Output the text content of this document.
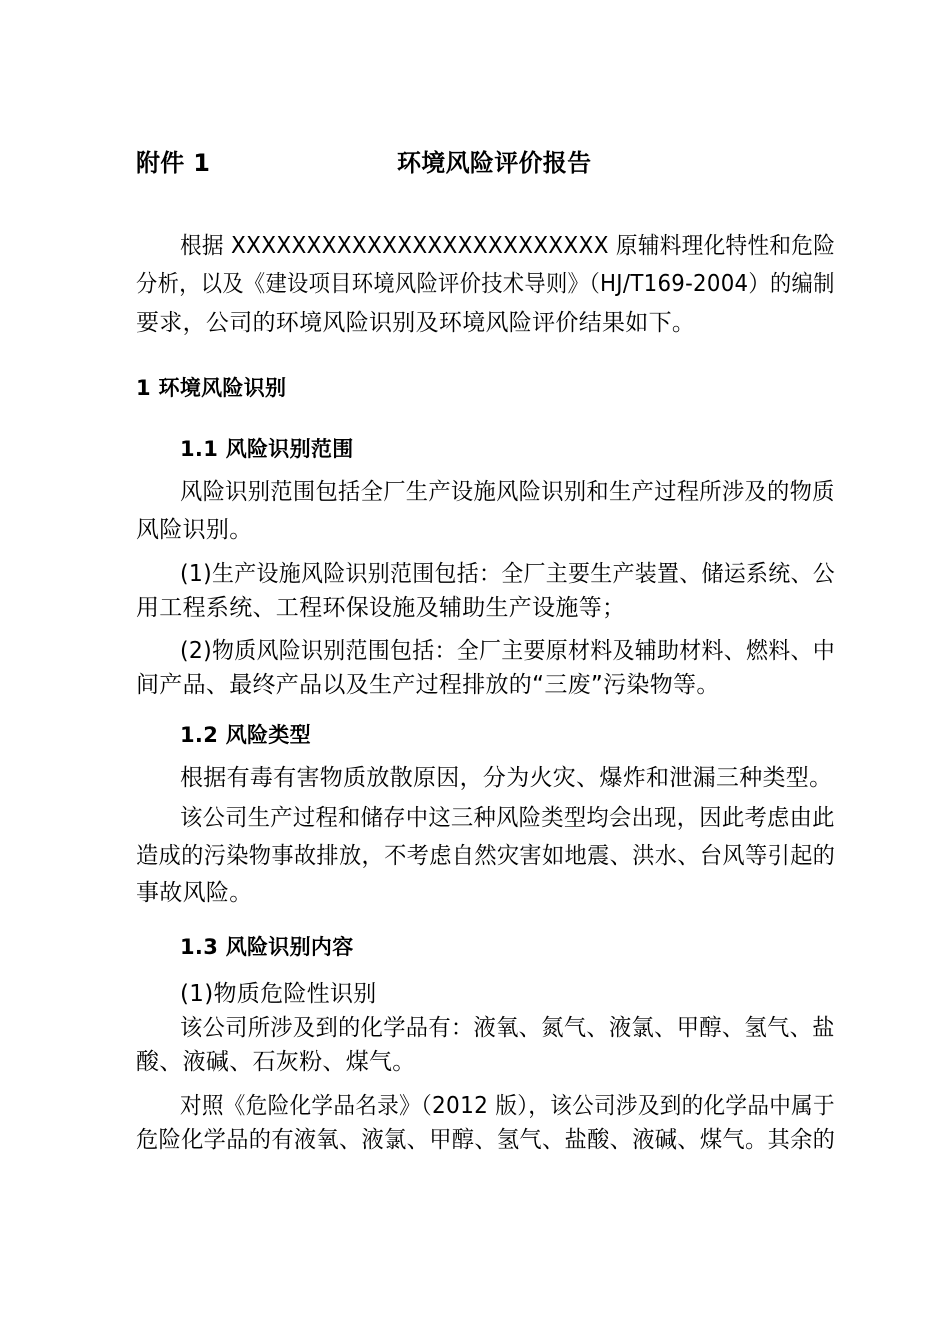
附件 1	环境风险评价报告
根据 XXXXXXXXXXXXXXXXXXXXXXXXX 原辅料理化特性和危险
分析，以及《建设项目环境风险评价技术导则》（HJ/T169-2004）的编制
要求，公司的环境风险识别及环境风险评价结果如下。
1 环境风险识别
1.1 风险识别范围
风险识别范围包括全厂生产设施风险识别和生产过程所涉及的物质
风险识别。
(1)生产设施风险识别范围包括：全厂主要生产装置、储运系统、公
用工程系统、工程环保设施及辅助生产设施等；
(2)物质风险识别范围包括：全厂主要原材料及辅助材料、燃料、中
间产品、最终产品以及生产过程排放的“三废”污染物等。
1.2 风险类型
根据有毒有害物质放散原因，分为火灾、爆炸和泄漏三种类型。
该公司生产过程和储存中这三种风险类型均会出现，因此考虑由此
造成的污染物事故排放，不考虑自然灾害如地震、洪水、台风等引起的
事故风险。
1.3 风险识别内容
(1)物质危险性识别
该公司所涉及到的化学品有：液氧、氮气、液氯、甲醇、氢气、盐
酸、液碱、石灰粉、煤气。
对照《危险化学品名录》（2012 版），该公司涉及到的化学品中属于
危险化学品的有液氧、液氯、甲醇、氢气、盐酸、液碱、煤气。其余的
